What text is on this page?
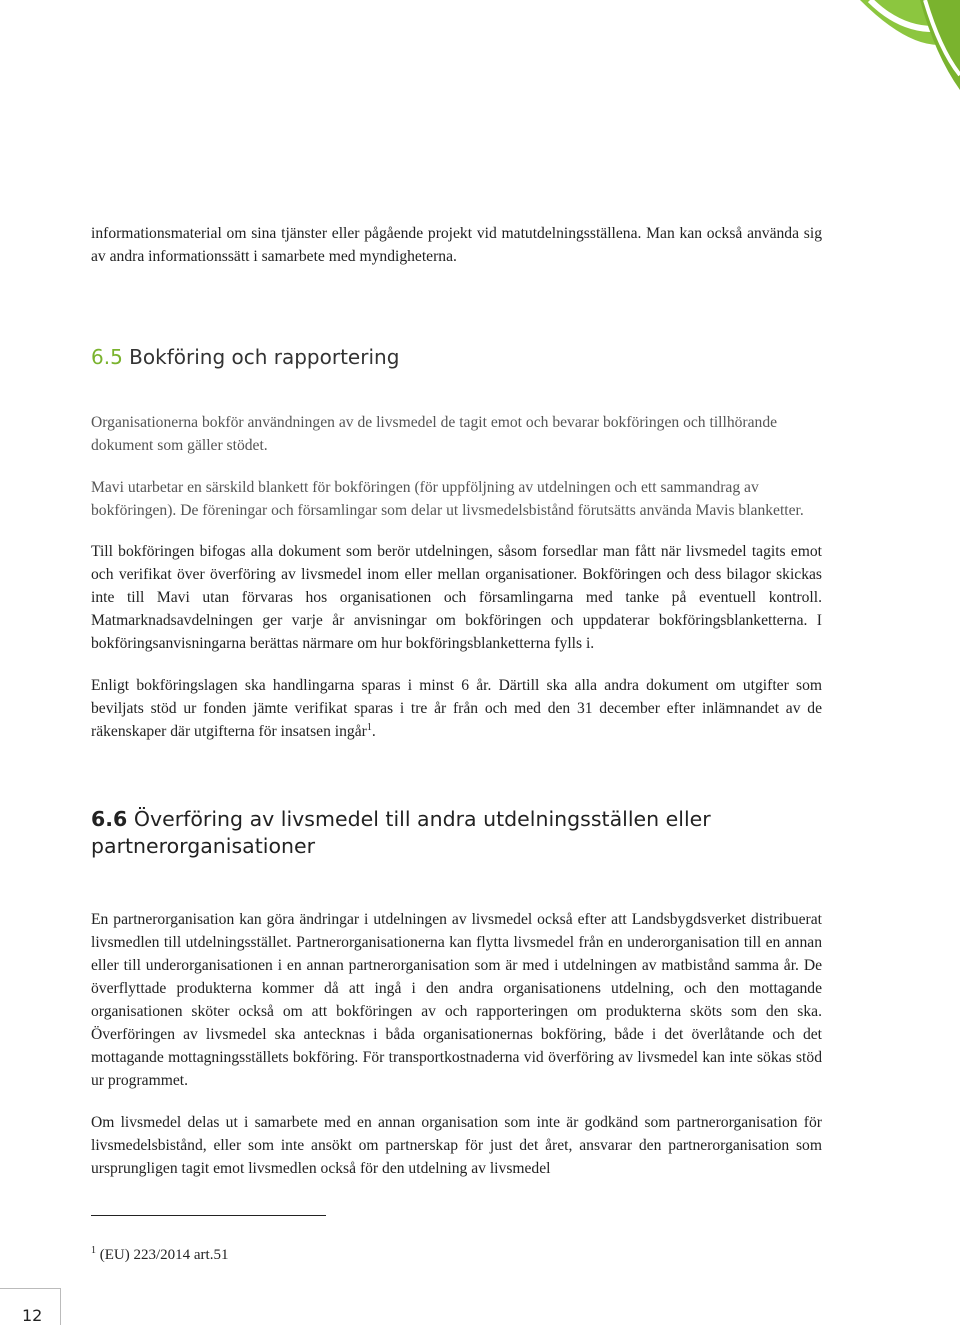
informationsmaterial om sina tjänster eller pågående projekt vid matutdelningsställena. Man kan också använda sig av andra informationssätt i samarbete med myndigheterna.

6.5 Bokföring och rapportering

Organisationerna bokför användningen av de livsmedel de tagit emot och bevarar bokföringen och tillhörande dokument som gäller stödet.

Mavi utarbetar en särskild blankett för bokföringen (för uppföljning av utdelningen och ett sammandrag av bokföringen). De föreningar och församlingar som delar ut livsmedelsbistånd förutsätts använda Mavis blanketter.

Till bokföringen bifogas alla dokument som berör utdelningen, såsom forsedlar man fått när livsmedel tagits emot och verifikat över överföring av livsmedel inom eller mellan organisationer. Bokföringen och dess bilagor skickas inte till Mavi utan förvaras hos organisationen och församlingarna med tanke på eventuell kontroll. Matmarknadsavdelningen ger varje år anvisningar om bokföringen och uppdaterar bokföringsblanketterna. I bokföringsanvisningarna berättas närmare om hur bokföringsblanketterna fylls i.

Enligt bokföringslagen ska handlingarna sparas i minst 6 år. Därtill ska alla andra dokument om utgifter som beviljats stöd ur fonden jämte verifikat sparas i tre år från och med den 31 december efter inlämnandet av de räkenskaper där utgifterna för insatsen ingår$^1$.

6.6 Överföring av livsmedel till andra utdelningsställen eller partnerorganisationer

En partnerorganisation kan göra ändringar i utdelningen av livsmedel också efter att Landsbygdsverket distribuerat livsmedlen till utdelningsstället. Partnerorganisationerna kan flytta livsmedel från en underorganisation till en annan eller till underorganisationen i en annan partnerorganisation som är med i utdelningen av matbistånd samma år. De överflyttade produkterna kommer då att ingå i den andra organisationens utdelning, och den mottagande organisationen sköter också om att bokföringen av och rapporteringen om produkterna sköts som den ska. Överföringen av livsmedel ska antecknas i båda organisationernas bokföring, både i det överlåtande och det mottagande mottagningsställets bokföring. För transportkostnaderna vid överföring av livsmedel kan inte sökas stöd ur programmet.

Om livsmedel delas ut i samarbete med en annan organisation som inte är godkänd som partnerorganisation för livsmedelsbistånd, eller som inte ansökt om partnerskap för just det året, ansvarar den partnerorganisation som ursprungligen tagit emot livsmedlen också för den utdelning av livsmedel

$^1$ (EU) 223/2014 art.51
12
